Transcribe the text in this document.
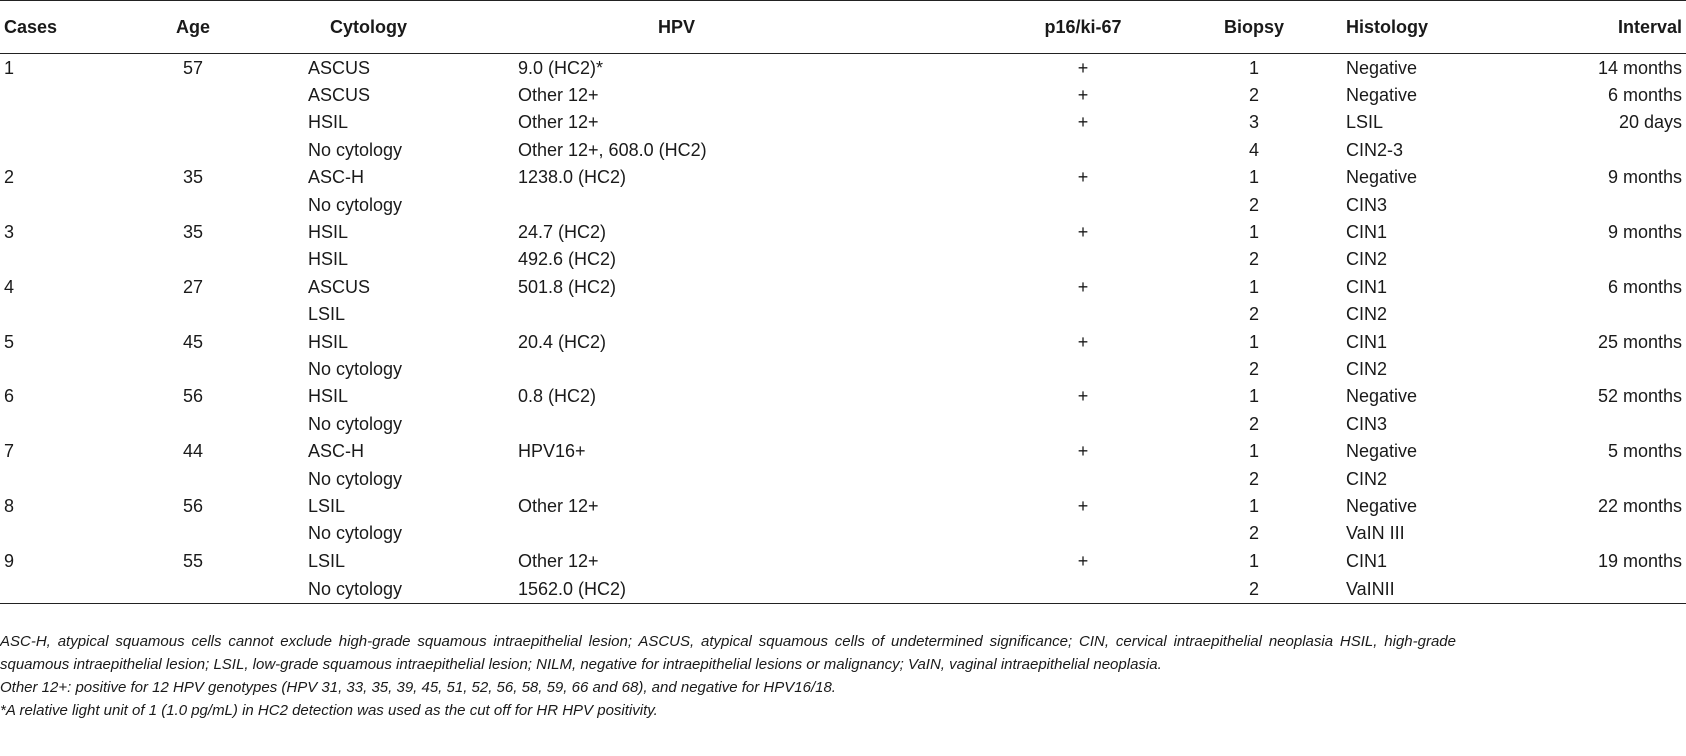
Cases	Age	Cytology	HPV	p16/ki-67	Biopsy	Histology	Interval
1	57	ASCUS	9.0 (HC2)*	+	1	Negative	14 months
		ASCUS	Other 12+	+	2	Negative	6 months
		HSIL	Other 12+	+	3	LSIL	20 days
		No cytology	Other 12+, 608.0 (HC2)		4	CIN2-3	
2	35	ASC-H	1238.0 (HC2)	+	1	Negative	9 months
		No cytology			2	CIN3	
3	35	HSIL	24.7 (HC2)	+	1	CIN1	9 months
		HSIL	492.6 (HC2)		2	CIN2	
4	27	ASCUS	501.8 (HC2)	+	1	CIN1	6 months
		LSIL			2	CIN2	
5	45	HSIL	20.4 (HC2)	+	1	CIN1	25 months
		No cytology			2	CIN2	
6	56	HSIL	0.8 (HC2)	+	1	Negative	52 months
		No cytology			2	CIN3	
7	44	ASC-H	HPV16+	+	1	Negative	5 months
		No cytology			2	CIN2	
8	56	LSIL	Other 12+	+	1	Negative	22 months
		No cytology			2	VaIN III	
9	55	LSIL	Other 12+	+	1	CIN1	19 months
		No cytology	1562.0 (HC2)		2	VaINII	

ASC-H, atypical squamous cells cannot exclude high-grade squamous intraepithelial lesion; ASCUS, atypical squamous cells of undetermined significance; CIN, cervical intraepithelial neoplasia HSIL, high-grade squamous intraepithelial lesion; LSIL, low-grade squamous intraepithelial lesion; NILM, negative for intraepithelial lesions or malignancy; VaIN, vaginal intraepithelial neoplasia.

Other 12+: positive for 12 HPV genotypes (HPV 31, 33, 35, 39, 45, 51, 52, 56, 58, 59, 66 and 68), and negative for HPV16/18.

*A relative light unit of 1 (1.0 pg/mL) in HC2 detection was used as the cut off for HR HPV positivity.
